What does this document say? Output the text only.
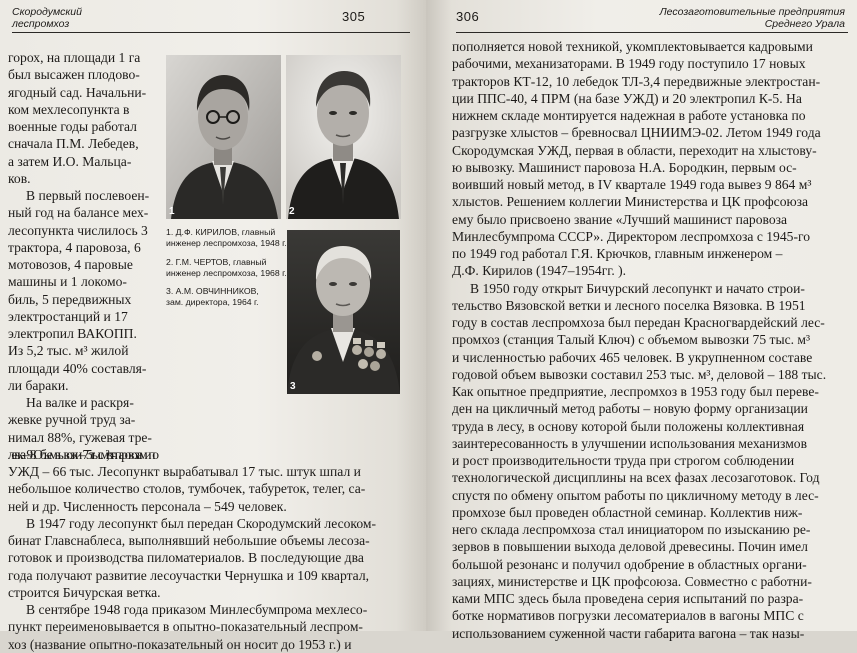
Скородумский
леспромхоз	305
горох, на площади 1 га
был высажен плодово-
ягодный сад. Начальни-
ком мехлесопункта в
военные годы работал
сначала П.М. Лебедев,
а затем И.О. Мальцa-
ков.
В первый послевоен-
ный год на балансе мех-
лесопункта числилось 3
трактора, 4 паровоза, 6
мотовозов, 4 паровые
машины и 1 локомо-
биль, 5 передвижных
электростанций и 17
электропил ВАКОПП.
Из 5,2 тыс. м³ жилой
площади 40% составля-
ли бараки.
На валке и раскря-
жевке ручной труд за-
нимал 88%, гужевая тре-
левка – 98. Объем вывозки – 75 тыс. м³, в т. ч. паровозами по
УЖД – 66 тыс. Лесопункт вырабатывал 17 тыс. штук шпал и
небольшое количество столов, тумбочек, табуреток, телег, са-
ней и др. Численность персонала – 549 человек.
В 1947 году лесопункт был передан Скородумский лесоком-
бинат Главснаблеса, выполнявший небольшие объемы лесоза-
готовок и производства пиломатериалов. В последующие два
года получают развитие лесоучастки Чернушка и 109 квартал,
строится Бичурская ветка.
В сентябре 1948 года приказом Минлесбумпрома мехлесо-
пункт переименовывается в опытно-показательный леспром-
хоз (название опытно-показательный он носит до 1953 г.) и
1	2

1. Д.Ф. КИРИЛОВ, главный
инженер леспромхоза, 1948 г.

2. Г.М. ЧЕРТОВ, главный
инженер леспромхоза, 1968 г.

3. А.М. ОВЧИННИКОВ,
зам. директора, 1964 г.

3
306	Лесозаготовительные предприятия
Среднего Урала
пополняется новой техникой, укомплектовывается кадровыми
рабочими, механизаторами. В 1949 году поступило 17 новых
тракторов КТ-12, 10 лебедок ТЛ-3,4 передвижные электростан-
ции ППС-40, 4 ПРМ (на базе УЖД) и 20 электропил К-5. На
нижнем складе монтируется надежная в работе установка по
разгрузке хлыстов – бревносвал ЦНИИМЭ-02. Летом 1949 года
Скородумская УЖД, первая в области, переходит на хлыстову-
ю вывозку. Машинист паровоза Н.А. Бородкин, первым ос-
воивший новый метод, в IV квартале 1949 года вывез 9 864 м³
хлыстов. Решением коллегии Министерства и ЦК профсоюза
ему было присвоено звание «Лучший машинист паровоза
Минлесбумпрома СССР». Директором леспромхоза с 1945-го
по 1949 год работал Г.Я. Крючков, главным инженером –
Д.Ф. Кирилов (1947–1954гг. ).
В 1950 году открыт Бичурский лесопункт и начато строи-
тельство Вязовской ветки и лесного поселка Вязовка. В 1951
году в состав леспромхоза был передан Красногвардейский лес-
промхоз (станция Талый Ключ) с объемом вывозки 75 тыс. м³
и численностью рабочих 465 человек. В укрупненном составе
годовой объем вывозки составил 253 тыс. м³, деловой – 188 тыс.
Как опытное предприятие, леспромхоз в 1953 году был переве-
ден на цикличный метод работы – новую форму организации
труда в лесу, в основу которой были положены коллективная
заинтересованность в улучшении использования механизмов
и рост производительности труда при строгом соблюдении
технологической дисциплины на всех фазах лесозаготовок. Год
спустя по обмену опытом работы по цикличному методу в лес-
промхозе был проведен областной семинар. Коллектив ниж-
него склада леспромхоза стал инициатором по изысканию ре-
зервов в повышении выхода деловой древесины. Почин имел
большой резонанс и получил одобрение в областных органи-
зациях, министерстве и ЦК профсоюза. Совместно с работни-
ками МПС здесь была проведена серия испытаний по разра-
ботке нормативов погрузки лесоматериалов в вагоны МПС с
использованием суженной части габарита вагона – так назы-
